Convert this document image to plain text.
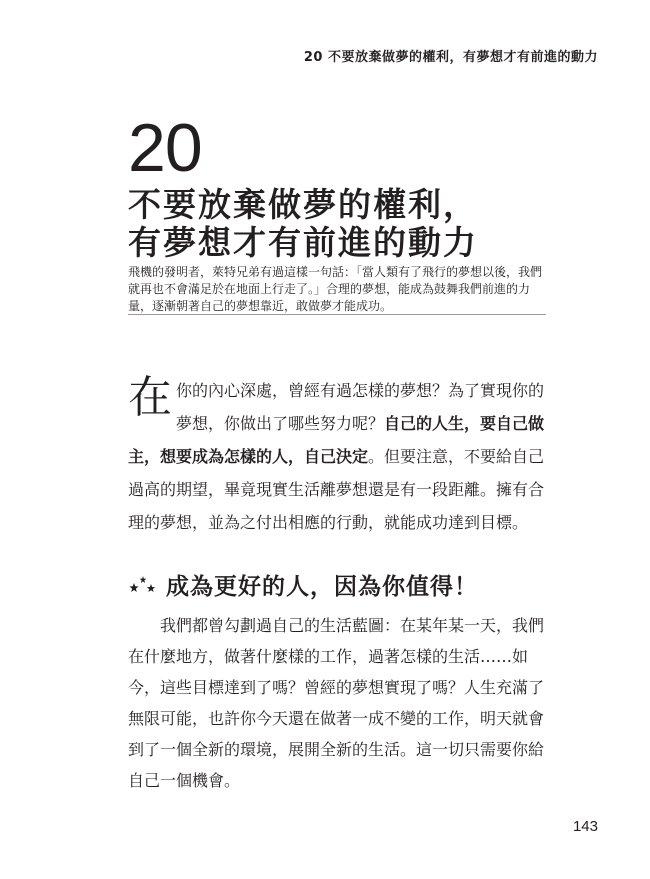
20 不要放棄做夢的權利，有夢想才有前進的動力
20
不要放棄做夢的權利，
有夢想才有前進的動力
飛機的發明者，萊特兄弟有過這樣一句話：「當人類有了飛行的夢想以後，我們就再也不會滿足於在地面上行走了。」合理的夢想，能成為鼓舞我們前進的力量，逐漸朝著自己的夢想靠近，敢做夢才能成功。
在你的內心深處，曾經有過怎樣的夢想？為了實現你的夢想，你做出了哪些努力呢？自己的人生，要自己做主，想要成為怎樣的人，自己決定。但要注意，不要給自己過高的期望，畢竟現實生活離夢想還是有一段距離。擁有合理的夢想，並為之付出相應的行動，就能成功達到目標。
成為更好的人，因為你值得！
我們都曾勾劃過自己的生活藍圖：在某年某一天，我們在什麼地方，做著什麼樣的工作，過著怎樣的生活……如今，這些目標達到了嗎？曾經的夢想實現了嗎？人生充滿了無限可能，也許你今天還在做著一成不變的工作，明天就會到了一個全新的環境，展開全新的生活。這一切只需要你給自己一個機會。
143
